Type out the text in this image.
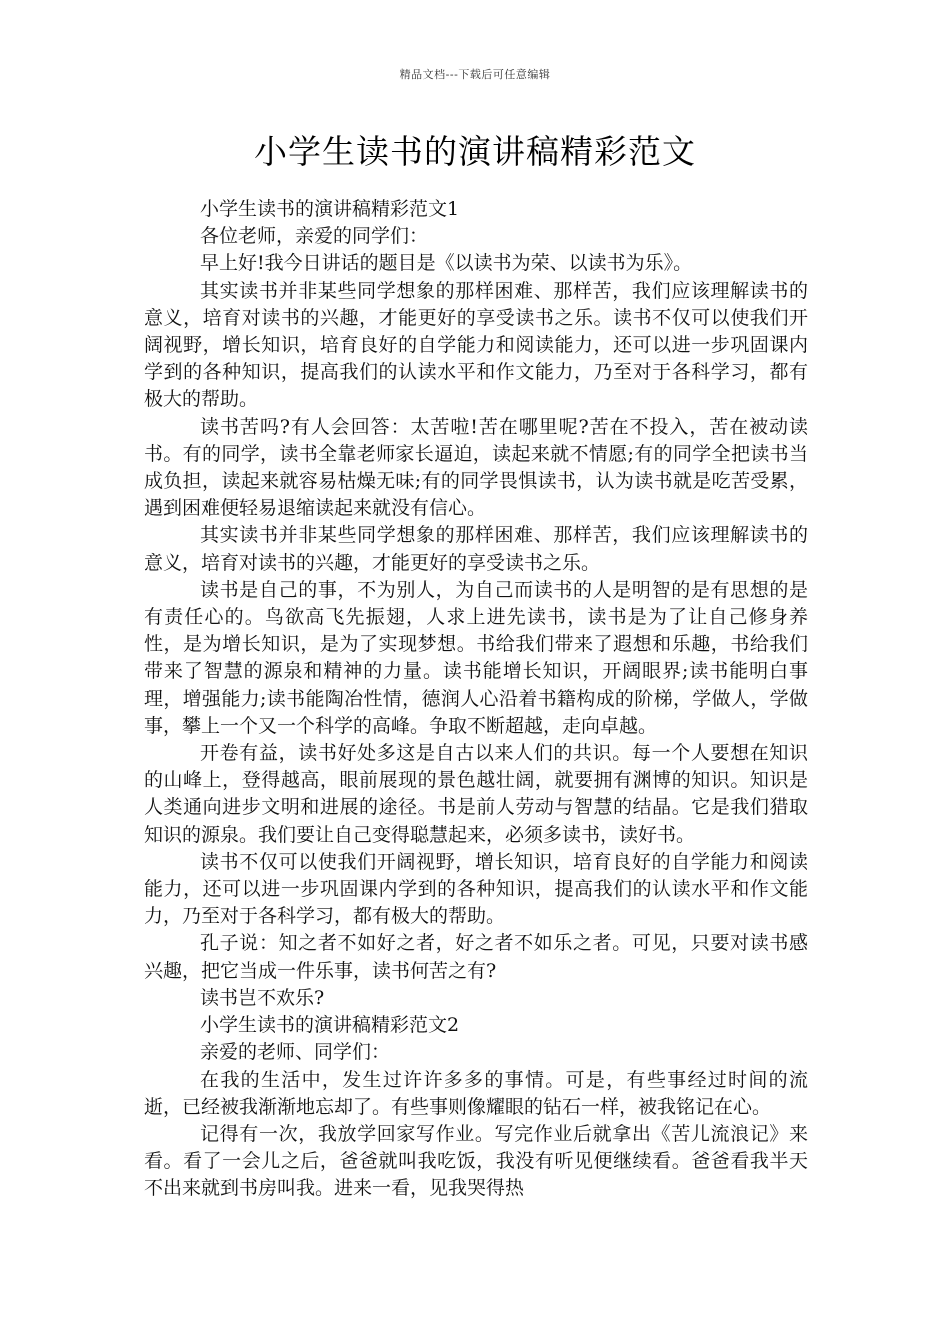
精品文档---下载后可任意编辑
小学生读书的演讲稿精彩范文

小学生读书的演讲稿精彩范文1

各位老师，亲爱的同学们：

早上好!我今日讲话的题目是《以读书为荣、以读书为乐》。

其实读书并非某些同学想象的那样困难、那样苦，我们应该理解读书的意义，培育对读书的兴趣，才能更好的享受读书之乐。读书不仅可以使我们开阔视野，增长知识，培育良好的自学能力和阅读能力，还可以进一步巩固课内学到的各种知识，提高我们的认读水平和作文能力，乃至对于各科学习，都有极大的帮助。

读书苦吗?有人会回答：太苦啦!苦在哪里呢?苦在不投入，苦在被动读书。有的同学，读书全靠老师家长逼迫，读起来就不情愿;有的同学全把读书当成负担，读起来就容易枯燥无味;有的同学畏惧读书，认为读书就是吃苦受累，遇到困难便轻易退缩读起来就没有信心。

其实读书并非某些同学想象的那样困难、那样苦，我们应该理解读书的意义，培育对读书的兴趣，才能更好的享受读书之乐。

读书是自己的事，不为别人，为自己而读书的人是明智的是有思想的是有责任心的。鸟欲高飞先振翅，人求上进先读书，读书是为了让自己修身养性，是为增长知识，是为了实现梦想。书给我们带来了遐想和乐趣，书给我们带来了智慧的源泉和精神的力量。读书能增长知识，开阔眼界;读书能明白事理，增强能力;读书能陶冶性情，德润人心沿着书籍构成的阶梯，学做人，学做事，攀上一个又一个科学的高峰。争取不断超越，走向卓越。

开卷有益，读书好处多这是自古以来人们的共识。每一个人要想在知识的山峰上，登得越高，眼前展现的景色越壮阔，就要拥有渊博的知识。知识是人类通向进步文明和进展的途径。书是前人劳动与智慧的结晶。它是我们猎取知识的源泉。我们要让自己变得聪慧起来，必须多读书，读好书。

读书不仅可以使我们开阔视野，增长知识，培育良好的自学能力和阅读能力，还可以进一步巩固课内学到的各种知识，提高我们的认读水平和作文能力，乃至对于各科学习，都有极大的帮助。

孔子说：知之者不如好之者，好之者不如乐之者。可见，只要对读书感兴趣，把它当成一件乐事，读书何苦之有?

读书岂不欢乐?

小学生读书的演讲稿精彩范文2

亲爱的老师、同学们：

在我的生活中，发生过许许多多的事情。可是，有些事经过时间的流逝，已经被我渐渐地忘却了。有些事则像耀眼的钻石一样，被我铭记在心。

记得有一次，我放学回家写作业。写完作业后就拿出《苦儿流浪记》来看。看了一会儿之后，爸爸就叫我吃饭，我没有听见便继续看。爸爸看我半天不出来就到书房叫我。进来一看，见我哭得热
